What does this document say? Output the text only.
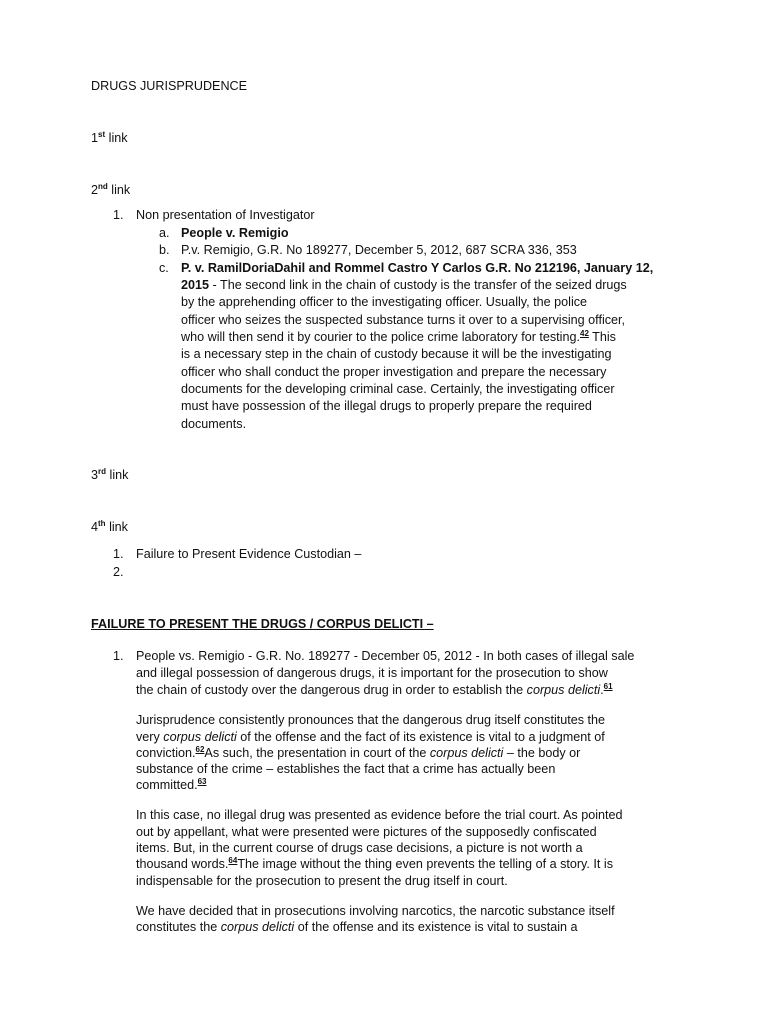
DRUGS JURISPRUDENCE
1st link
2nd link
1. Non presentation of Investigator
a. People v. Remigio
b. P.v. Remigio, G.R. No 189277, December 5, 2012, 687 SCRA 336, 353
c. P. v. RamilDoriaDahil and Rommel Castro Y Carlos G.R. No 212196, January 12,
2015 - The second link in the chain of custody is the transfer of the seized drugs
by the apprehending officer to the investigating officer. Usually, the police
officer who seizes the suspected substance turns it over to a supervising officer,
who will then send it by courier to the police crime laboratory for testing.$^{42}$ This
is a necessary step in the chain of custody because it will be the investigating
officer who shall conduct the proper investigation and prepare the necessary
documents for the developing criminal case. Certainly, the investigating officer
must have possession of the illegal drugs to properly prepare the required
documents.
3rd link
4th link
1. Failure to Present Evidence Custodian –
2.
FAILURE TO PRESENT THE DRUGS / CORPUS DELICTI –
1. People vs. Remigio - G.R. No. 189277 - December 05, 2012 - In both cases of illegal sale
and illegal possession of dangerous drugs, it is important for the prosecution to show
the chain of custody over the dangerous drug in order to establish the corpus delicti.$^{61}$
Jurisprudence consistently pronounces that the dangerous drug itself constitutes the
very corpus delicti of the offense and the fact of its existence is vital to a judgment of
conviction.$^{62}$As such, the presentation in court of the corpus delicti – the body or
substance of the crime – establishes the fact that a crime has actually been
committed.$^{63}$
In this case, no illegal drug was presented as evidence before the trial court. As pointed
out by appellant, what were presented were pictures of the supposedly confiscated
items. But, in the current course of drugs case decisions, a picture is not worth a
thousand words.$^{64}$The image without the thing even prevents the telling of a story. It is
indispensable for the prosecution to present the drug itself in court.
We have decided that in prosecutions involving narcotics, the narcotic substance itself
constitutes the corpus delicti of the offense and its existence is vital to sustain a
